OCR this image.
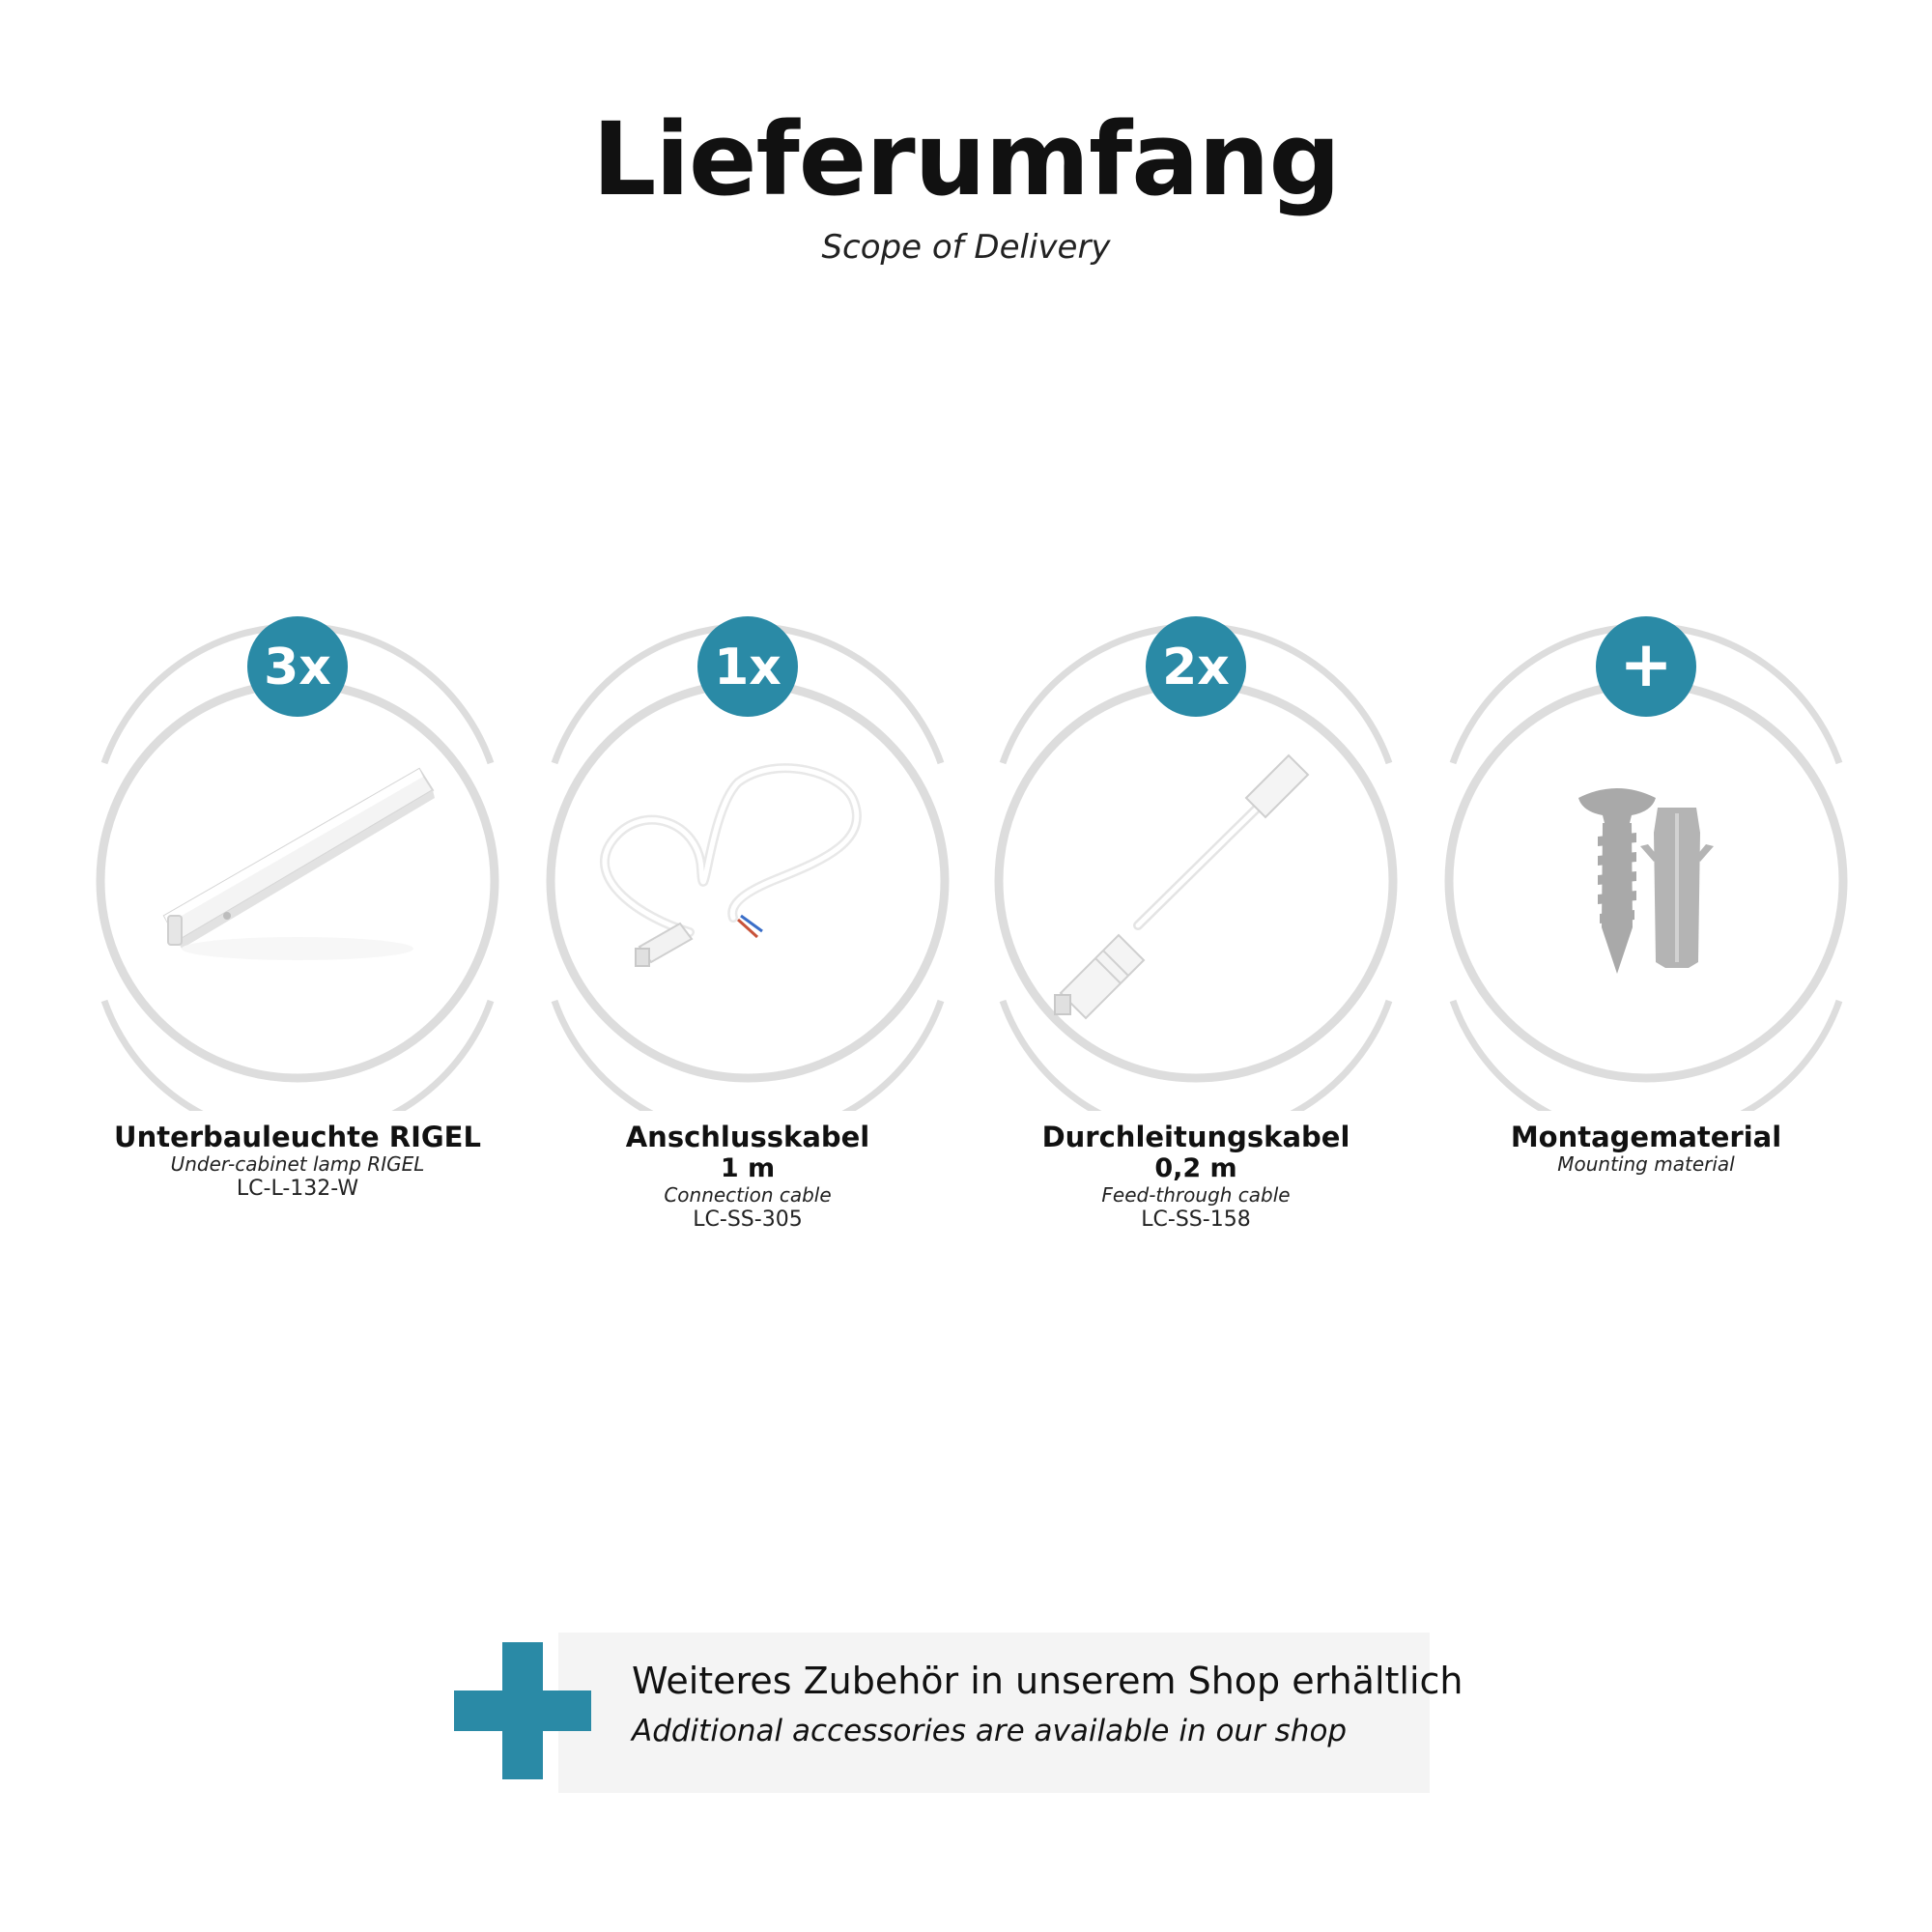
Lieferumfang
Scope of Delivery
3x
Unterbauleuchte RIGEL
Under-cabinet lamp RIGEL
LC-L-132-W
1x
Anschlusskabel
1 m
Connection cable
LC-SS-305
2x
Durchleitungskabel
0,2 m
Feed-through cable
LC-SS-158
+
Montagematerial
Mounting material
Weiteres Zubehör in unserem Shop erhältlich
Additional accessories are available in our shop
